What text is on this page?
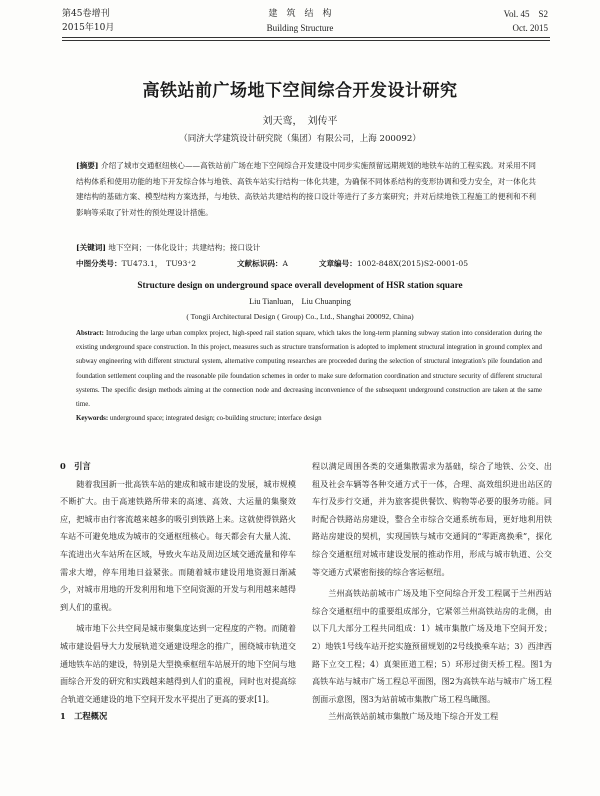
第45卷增刊
2015年10月
建　筑　结　构
Building Structure
Vol. 45　S2
Oct. 2015
高铁站前广场地下空间综合开发设计研究
刘天鸾，　刘传平
（同济大学建筑设计研究院（集团）有限公司，上海 200092）
[摘要] 介绍了城市交通枢纽核心——高铁站前广场在地下空间综合开发建设中同步实施预留远期规划的地铁车站的工程实践。对采用不同结构体系和使用功能的地下开发综合体与地铁、高铁车站实行结构一体化共建，为确保不同体系结构的变形协调和受力安全，对一体化共建结构的基础方案、模型结构方案选择，与地铁、高铁站共建结构的接口设计等进行了多方案研究；并对后续地铁工程施工的便利和不利影响等采取了针对性的预处理设计措施。
[关键词] 地下空间；一体化设计；共建结构；接口设计
中图分类号：TU473.1，　TU93⁺2	文献标识码：A	文章编号：1002-848X(2015)S2-0001-05
Structure design on underground space overall development of HSR station square
Liu Tianluan， Liu Chuanping
( Tongji Architectural Design ( Group) Co., Ltd., Shanghai 200092, China)
Abstract: Introducing the large urban complex project, high-speed rail station square, which takes the long-term planning subway station into consideration during the existing underground space construction. In this project, measures such as structure transformation is adopted to implement structural integration in ground complex and subway engineering with different structural system, alternative computing researches are proceeded during the selection of structural integration's pile foundation and foundation settlement coupling and the reasonable pile foundation schemes in order to make sure deformation coordination and structure security of different structural systems. The specific design methods aiming at the connection node and decreasing inconvenience of the subsequent underground construction are taken at the same time.
Keywords: underground space; integrated design; co-building structure; interface design

0　引言

随着我国新一批高铁车站的建成和城市建设的发展，城市规模不断扩大。由于高速铁路所带来的高速、高效、大运量的集聚效应，把城市由行客流越来越多的吸引到铁路上来。这就使得铁路火车站不可避免地成为城市的交通枢纽核心。每天都会有大量人流、车流进出火车站所在区域，导致火车站及周边区域交通流量和停车需求大增，停车用地日益紧张。而随着城市建设用地资源日渐减少，对城市用地的开发利用和地下空间资源的开发与利用越来越得到人们的重视。

城市地下公共空间是城市聚集度达到一定程度的产物。而随着城市建设倡导大力发展轨道交通建设理念的推广，围绕城市轨道交通地铁车站的建设，特别是大型换乘枢纽车站展开的地下空间与地面综合开发的研究和实践越来越得到人们的重视，同时也对提高综合轨道交通建设的地下空间开发水平提出了更高的要求[1]。

1　工程概况

程以满足周围各类的交通集散需求为基础，综合了地铁、公交、出租及社会车辆等各种交通方式于一体，合理、高效组织进出站区的车行及步行交通，并为旅客提供餐饮、购物等必要的服务功能。同时配合铁路站房建设，整合全市综合交通系统布局，更好地利用铁路站房建设的契机，实现国铁与城市交通间的“零距离换乘”，探化综合交通枢纽对城市建设发展的推动作用，形成与城市轨道、公交等交通方式紧密衔接的综合客运枢纽。

兰州高铁站前城市广场及地下空间综合开发工程属于兰州西站综合交通枢纽中的重要组成部分，它紧邻兰州高铁站房的北侧，由以下几大部分工程共同组成：1）城市集散广场及地下空间开发；2）地铁1号线车站开挖实施预留规划的2号线换乘车站；3）西津西路下立交工程；4）真架匝道工程；5）环形过街天桥工程。图1为高铁车站与城市广场工程总平面图，图2为高铁车站与城市广场工程剖面示意图，图3为站前城市集散广场工程鸟瞰图。

兰州高铁站前城市集散广场及地下综合开发工程
